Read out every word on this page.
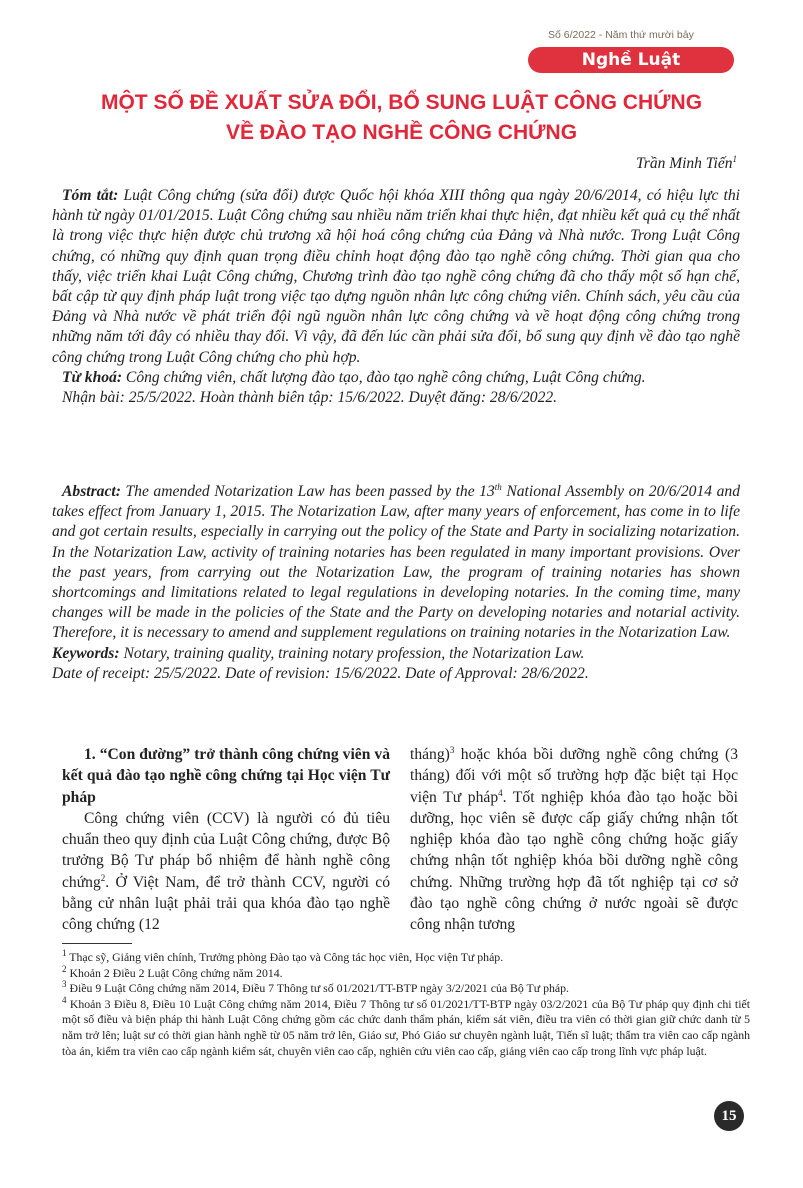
Số 6/2022 - Năm thứ mười bảy
Nghề Luật
MỘT SỐ ĐỀ XUẤT SỬA ĐỔI, BỔ SUNG LUẬT CÔNG CHỨNG
VỀ ĐÀO TẠO NGHỀ CÔNG CHỨNG
Trần Minh Tiến$^1$

Tóm tắt: Luật Công chứng (sửa đổi) được Quốc hội khóa XIII thông qua ngày 20/6/2014, có hiệu lực thi hành từ ngày 01/01/2015. Luật Công chứng sau nhiều năm triển khai thực hiện, đạt nhiều kết quả cụ thể nhất là trong việc thực hiện được chủ trương xã hội hoá công chứng của Đảng và Nhà nước. Trong Luật Công chứng, có những quy định quan trọng điều chỉnh hoạt động đào tạo nghề công chứng. Thời gian qua cho thấy, việc triển khai Luật Công chứng, Chương trình đào tạo nghề công chứng đã cho thấy một số hạn chế, bất cập từ quy định pháp luật trong việc tạo dựng nguồn nhân lực công chứng viên. Chính sách, yêu cầu của Đảng và Nhà nước về phát triển đội ngũ nguồn nhân lực công chứng và về hoạt động công chứng trong những năm tới đây có nhiều thay đổi. Vì vậy, đã đến lúc cần phải sửa đổi, bổ sung quy định về đào tạo nghề công chứng trong Luật Công chứng cho phù hợp.

Từ khoá: Công chứng viên, chất lượng đào tạo, đào tạo nghề công chứng, Luật Công chứng.

Nhận bài: 25/5/2022. Hoàn thành biên tập: 15/6/2022. Duyệt đăng: 28/6/2022.

Abstract: The amended Notarization Law has been passed by the 13th National Assembly on 20/6/2014 and takes effect from January 1, 2015. The Notarization Law, after many years of enforcement, has come in to life and got certain results, especially in carrying out the policy of the State and Party in socializing notarization. In the Notarization Law, activity of training notaries has been regulated in many important provisions. Over the past years, from carrying out the Notarization Law, the program of training notaries has shown shortcomings and limitations related to legal regulations in developing notaries. In the coming time, many changes will be made in the policies of the State and the Party on developing notaries and notarial activity. Therefore, it is necessary to amend and supplement regulations on training notaries in the Notarization Law.

Keywords: Notary, training quality, training notary profession, the Notarization Law.

Date of receipt: 25/5/2022. Date of revision: 15/6/2022. Date of Approval: 28/6/2022.

1. “Con đường” trở thành công chứng viên và kết quả đào tạo nghề công chứng tại Học viện Tư pháp

Công chứng viên (CCV) là người có đủ tiêu chuẩn theo quy định của Luật Công chứng, được Bộ trưởng Bộ Tư pháp bổ nhiệm để hành nghề công chứng$^2$. Ở Việt Nam, để trở thành CCV, người có bằng cử nhân luật phải trải qua khóa đào tạo nghề công chứng (12

tháng)$^3$ hoặc khóa bồi dưỡng nghề công chứng (3 tháng) đối với một số trường hợp đặc biệt tại Học viện Tư pháp$^4$. Tốt nghiệp khóa đào tạo hoặc bồi dưỡng, học viên sẽ được cấp giấy chứng nhận tốt nghiệp khóa đào tạo nghề công chứng hoặc giấy chứng nhận tốt nghiệp khóa bồi dưỡng nghề công chứng. Những trường hợp đã tốt nghiệp tại cơ sở đào tạo nghề công chứng ở nước ngoài sẽ được công nhận tương

$^1$ Thạc sỹ, Giảng viên chính, Trưởng phòng Đào tạo và Công tác học viên, Học viện Tư pháp.

$^2$ Khoản 2 Điều 2 Luật Công chứng năm 2014.

$^3$ Điều 9 Luật Công chứng năm 2014, Điều 7 Thông tư số 01/2021/TT-BTP ngày 3/2/2021 của Bộ Tư pháp.

$^4$ Khoản 3 Điều 8, Điều 10 Luật Công chứng năm 2014, Điều 7 Thông tư số 01/2021/TT-BTP ngày 03/2/2021 của Bộ Tư pháp quy định chi tiết một số điều và biện pháp thi hành Luật Công chứng gồm các chức danh thẩm phán, kiểm sát viên, điều tra viên có thời gian giữ chức danh từ 5 năm trở lên; luật sư có thời gian hành nghề từ 05 năm trở lên, Giáo sư, Phó Giáo sư chuyên ngành luật, Tiến sĩ luật; thẩm tra viên cao cấp ngành tòa án, kiểm tra viên cao cấp ngành kiểm sát, chuyên viên cao cấp, nghiên cứu viên cao cấp, giảng viên cao cấp trong lĩnh vực pháp luật.

15
